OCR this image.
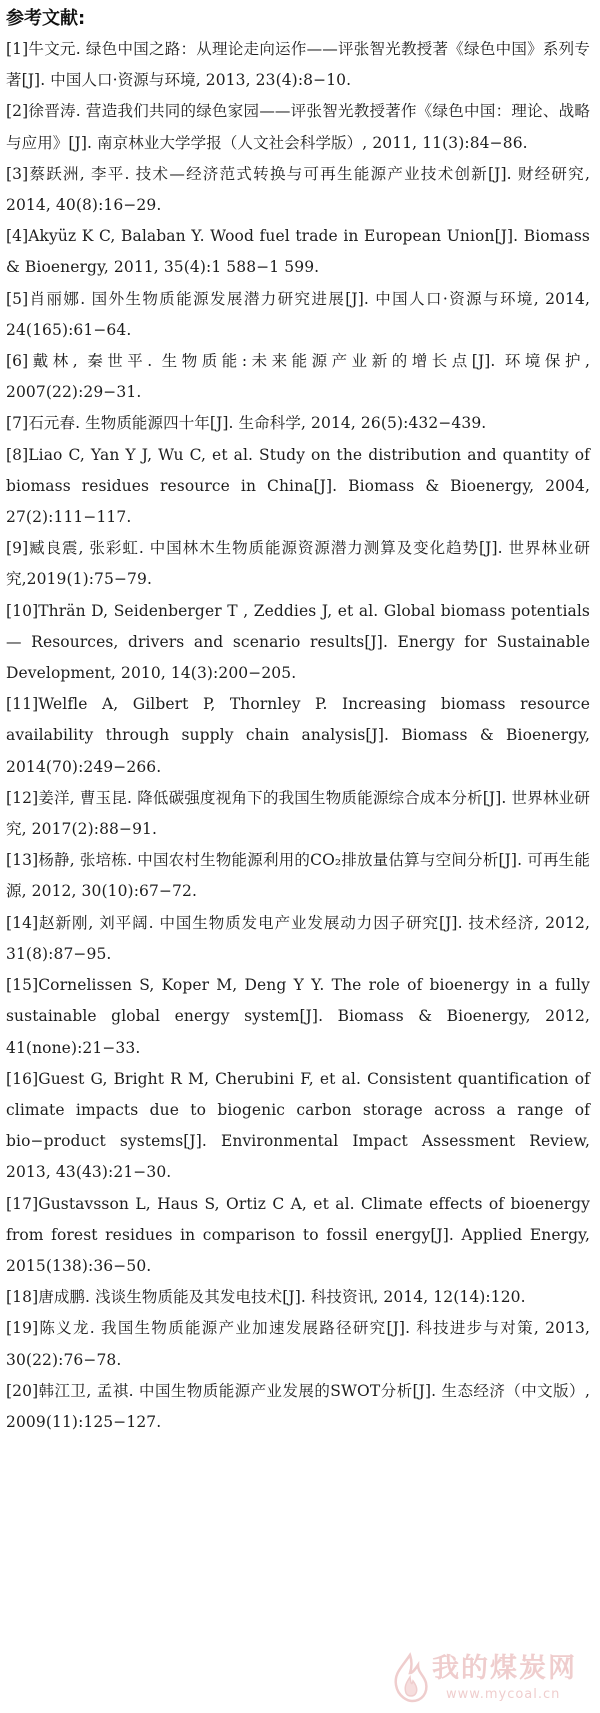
参考文献:
[1]牛文元. 绿色中国之路：从理论走向运作——评张智光教授著《绿色中国》系列专著[J]. 中国人口·资源与环境, 2013, 23(4):8−10.
[2]徐晋涛. 营造我们共同的绿色家园——评张智光教授著作《绿色中国：理论、战略与应用》[J]. 南京林业大学学报（人文社会科学版）, 2011, 11(3):84−86.
[3]蔡跃洲, 李平. 技术—经济范式转换与可再生能源产业技术创新[J]. 财经研究, 2014, 40(8):16−29.
[4]Akyüz K C, Balaban Y. Wood fuel trade in European Union[J]. Biomass & Bioenergy, 2011, 35(4):1 588−1 599.
[5]肖丽娜. 国外生物质能源发展潜力研究进展[J]. 中国人口·资源与环境, 2014, 24(165):61−64.
[6]戴林, 秦世平. 生物质能:未来能源产业新的增长点[J]. 环境保护, 2007(22):29−31.
[7]石元春. 生物质能源四十年[J]. 生命科学, 2014, 26(5):432−439.
[8]Liao C, Yan Y J, Wu C, et al. Study on the distribution and quantity of biomass residues resource in China[J]. Biomass & Bioenergy, 2004, 27(2):111−117.
[9]臧良震, 张彩虹. 中国林木生物质能源资源潜力测算及变化趋势[J]. 世界林业研究,2019(1):75−79.
[10]Thrän D, Seidenberger T , Zeddies J, et al. Global biomass potentials — Resources, drivers and scenario results[J]. Energy for Sustainable Development, 2010, 14(3):200−205.
[11]Welfle A, Gilbert P, Thornley P. Increasing biomass resource availability through supply chain analysis[J]. Biomass & Bioenergy, 2014(70):249−266.
[12]姜洋, 曹玉昆. 降低碳强度视角下的我国生物质能源综合成本分析[J]. 世界林业研究, 2017(2):88−91.
[13]杨静, 张培栋. 中国农村生物能源利用的CO₂排放量估算与空间分析[J]. 可再生能源, 2012, 30(10):67−72.
[14]赵新刚, 刘平阔. 中国生物质发电产业发展动力因子研究[J]. 技术经济, 2012, 31(8):87−95.
[15]Cornelissen S, Koper M, Deng Y Y. The role of bioenergy in a fully sustainable global energy system[J]. Biomass & Bioenergy, 2012, 41(none):21−33.
[16]Guest G, Bright R M, Cherubini F, et al. Consistent quantification of climate impacts due to biogenic carbon storage across a range of bio−product systems[J]. Environmental Impact Assessment Review, 2013, 43(43):21−30.
[17]Gustavsson L, Haus S, Ortiz C A, et al. Climate effects of bioenergy from forest residues in comparison to fossil energy[J]. Applied Energy, 2015(138):36−50.
[18]唐成鹏. 浅谈生物质能及其发电技术[J]. 科技资讯, 2014, 12(14):120.
[19]陈义龙. 我国生物质能源产业加速发展路径研究[J]. 科技进步与对策, 2013, 30(22):76−78.
[20]韩江卫, 孟祺. 中国生物质能源产业发展的SWOT分析[J]. 生态经济（中文版）, 2009(11):125−127.
我的煤炭网
www.mycoal.cn
